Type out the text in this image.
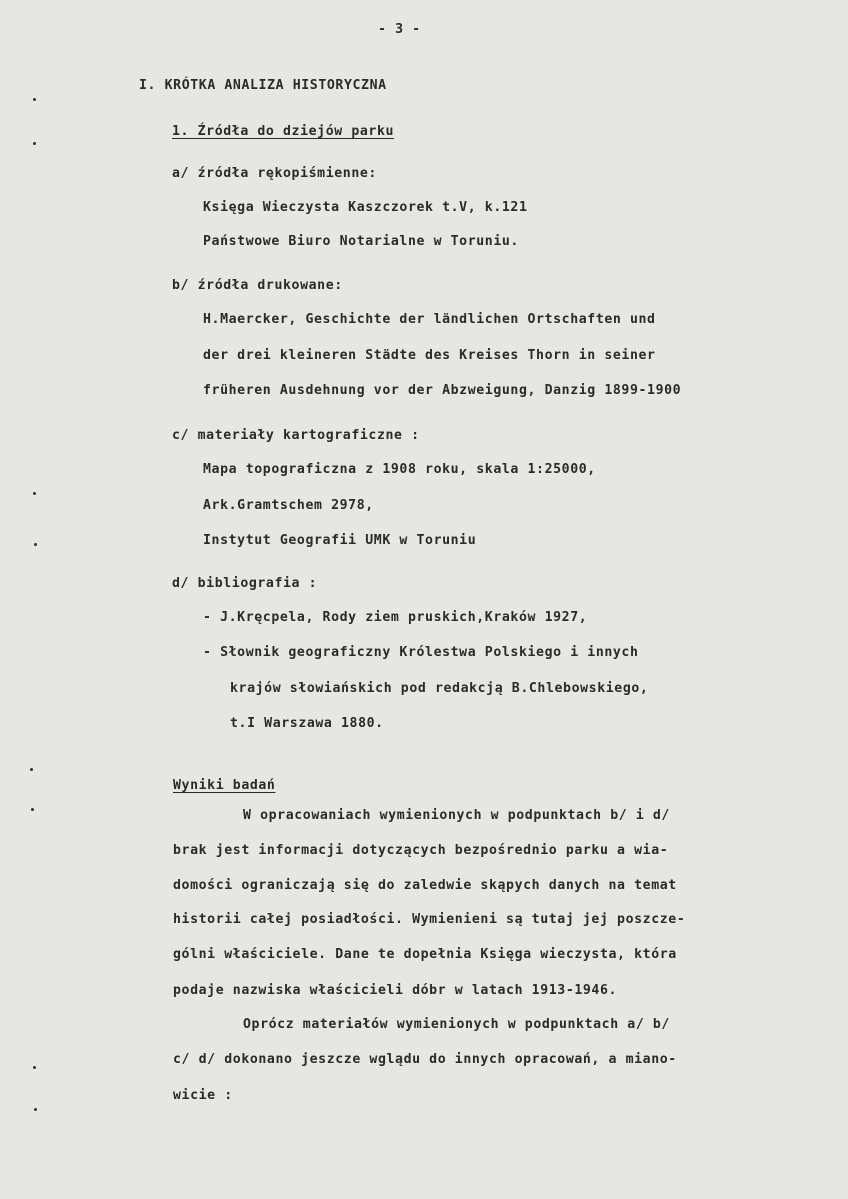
- 3 -
I. KRÓTKA ANALIZA HISTORYCZNA
1. Źródła do dziejów parku
a/ źródła rękopiśmienne:
Księga Wieczysta Kaszczorek t.V, k.121
Państwowe Biuro Notarialne w Toruniu.
b/ źródła drukowane:
H.Maercker, Geschichte der ländlichen Ortschaften und
der drei kleineren Städte des Kreises Thorn in seiner
früheren Ausdehnung vor der Abzweigung, Danzig 1899-1900
c/ materiały kartograficzne :
Mapa topograficzna z 1908 roku, skala 1:25000,
Ark.Gramtschem 2978,
Instytut Geografii UMK w Toruniu
d/ bibliografia :
- J.Kręcpela, Rody ziem pruskich,Kraków 1927,
- Słownik geograficzny Królestwa Polskiego i innych
krajów słowiańskich pod redakcją B.Chlebowskiego,
t.I Warszawa 1880.
Wyniki badań
W opracowaniach wymienionych w podpunktach b/ i d/
brak jest informacji dotyczących bezpośrednio parku a wia-
domości ograniczają się do zaledwie skąpych danych na temat
historii całej posiadłości. Wymienieni są tutaj jej poszcze-
gólni właściciele. Dane te dopełnia Księga wieczysta, która
podaje nazwiska właścicieli dóbr w latach 1913-1946.
Oprócz materiałów wymienionych w podpunktach a/ b/
c/ d/ dokonano jeszcze wglądu do innych opracowań, a miano-
wicie :
